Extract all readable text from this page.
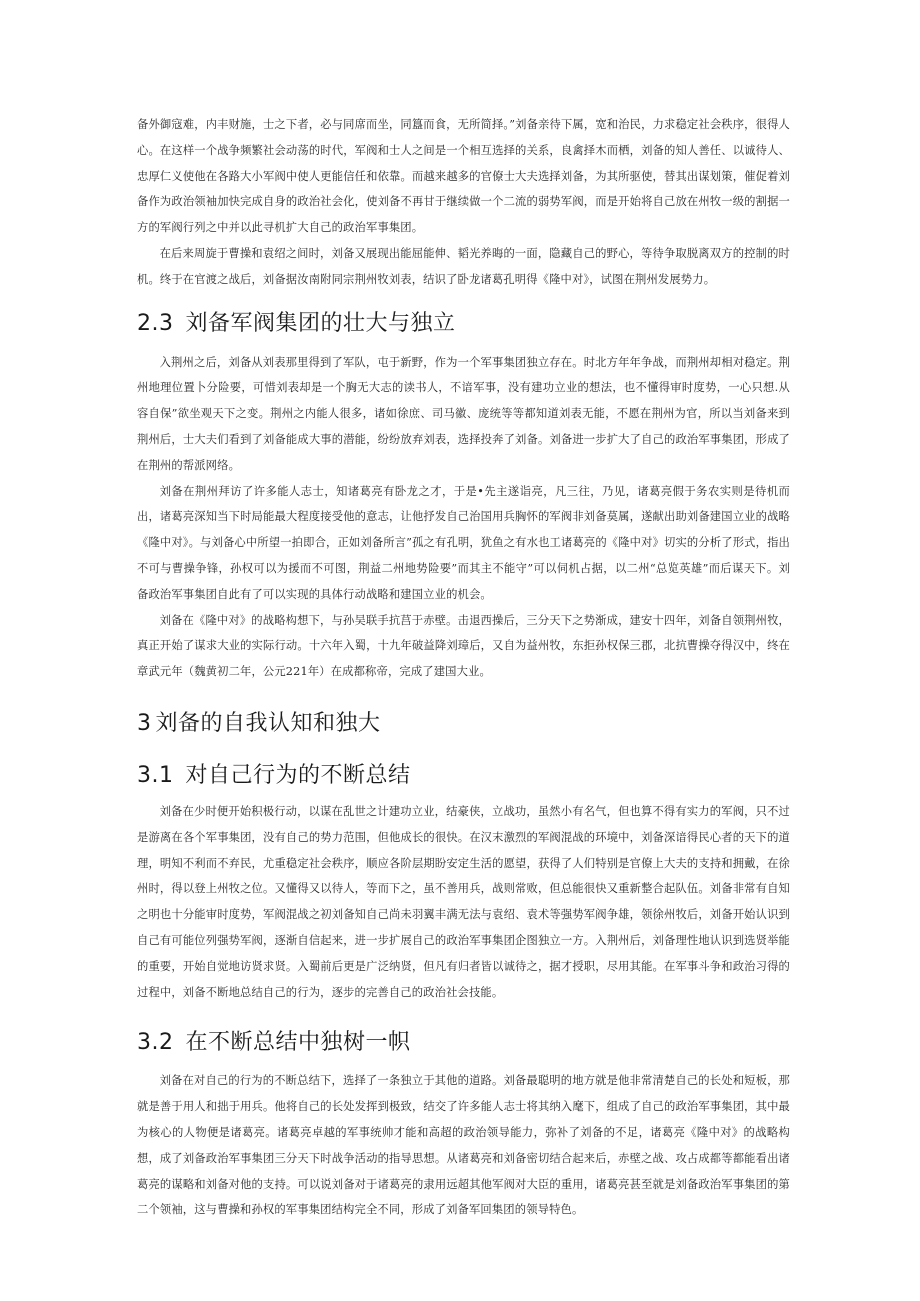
备外御寇难，内丰财施，士之下者，必与同席而坐，同簋而食，无所简择。”刘备亲待下属，宽和治民，力求稳定社会秩序，很得人心。在这样一个战争频繁社会动荡的时代，军阀和士人之间是一个相互选择的关系，良禽择木而栖，刘备的知人善任、以诚待人、忠厚仁义使他在各路大小军阀中使人更能信任和依靠。而越来越多的官僚士大夫选择刘备，为其所驱使，替其出谋划策，催促着刘备作为政治领袖加快完成自身的政治社会化，使刘备不再甘于继续做一个二流的弱势军阀，而是开始将自己放在州牧一级的割据一方的军阀行列之中并以此寻机扩大自己的政治军事集团。

在后来周旋于曹操和袁绍之间时，刘备又展现出能屈能伸、韬光养晦的一面，隐藏自己的野心，等待争取脱离双方的控制的时机。终于在官渡之战后，刘备据汝南附同宗荆州牧刘表，结识了卧龙诸葛孔明得《隆中对》，试图在荆州发展势力。

2.3 刘备军阀集团的壮大与独立

入荆州之后，刘备从刘表那里得到了军队，屯于新野，作为一个军事集团独立存在。时北方年年争战，而荆州却相对稳定。荆州地理位置卜分险要，可惜刘表却是一个胸无大志的读书人，不谙军事，没有建功立业的想法，也不懂得审时度势，一心只想.从容自保”欲坐观天下之变。荆州之内能人很多，诸如徐庶、司马徽、庞统等等都知道刘表无能，不愿在荆州为官，所以当刘备来到荆州后，士大夫们看到了刘备能成大事的潜能，纷纷放弃刘表，选择投奔了刘备。刘备进一步扩大了自己的政治军事集团，形成了在荆州的帮派网络。

刘备在荆州拜访了许多能人志士，知诸葛亮有卧龙之才，于是•先主遂诣亮，凡三往，乃见，诸葛亮假于务农实则是待机而出，诸葛亮深知当下时局能最大程度接受他的意志，让他抒发自己治国用兵胸怀的军阀非刘备莫属，遂献出助刘备建国立业的战略《隆中对》。与刘备心中所望一拍即合，正如刘备所言”孤之有孔明，犹鱼之有水也工诸葛亮的《隆中对》切实的分析了形式，指出不可与曹操争锋，孙权可以为援而不可图，荆益二州地势险要”而其主不能守”可以伺机占据，以二州“总览英雄”而后谋天下。刘备政治军事集团自此有了可以实现的具体行动战略和建国立业的机会。

刘备在《隆中对》的战略构想下，与孙吴联手抗莒于赤壁。击退西操后，三分天下之势渐成，建安十四年，刘备自领荆州牧，真正开始了谋求大业的实际行动。十六年入蜀，十九年破益降刘璋后，又自为益州牧，东拒孙权保三郡，北抗曹操夺得汉中，终在章武元年（魏黄初二年，公元221年）在成都称帝，完成了建国大业。

3 刘备的自我认知和独大
3.1 对自己行为的不断总结

刘备在少时便开始积极行动，以谋在乱世之计建功立业，结豪侠，立战功，虽然小有名气，但也算不得有实力的军阀，只不过是游离在各个军事集团，没有自己的势力范围，但他成长的很快。在汉末激烈的军阀混战的环境中，刘备深谙得民心者的天下的道理，明知不利而不弃民，尤重稳定社会秩序，顺应各阶层期盼安定生活的愿望，获得了人们特别是官僚上大夫的支持和拥戴，在徐州时，得以登上州牧之位。又懂得又以待人，等而下之，虽不善用兵，战则常败，但总能很快又重新整合起队伍。刘备非常有自知之明也十分能审时度势，军阀混战之初刘备知自己尚未羽翼丰满无法与袁绍、袁术等强势军阀争雄，领徐州牧后，刘备开始认识到自己有可能位列强势军阀，逐渐自信起来，进一步扩展自己的政治军事集团企图独立一方。入荆州后，刘备理性地认识到选贤举能的重要，开始自觉地访贤求贤。入蜀前后更是广泛纳贤，但凡有归者皆以诚待之，据才授职，尽用其能。在军事斗争和政治习得的过程中，刘备不断地总结自己的行为，逐步的完善自己的政治社会技能。

3.2 在不断总结中独树一帜

刘备在对自己的行为的不断总结下，选择了一条独立于其他的道路。刘备最聪明的地方就是他非常清楚自己的长处和短板，那就是善于用人和拙于用兵。他将自己的长处发挥到极致，结交了许多能人志士将其纳入麾下，组成了自己的政治军事集团，其中最为核心的人物便是诸葛亮。诸葛亮卓越的军事统帅才能和高超的政治领导能力，弥补了刘备的不足，诸葛亮《隆中对》的战略构想，成了刘备政治军事集团三分天下时战争活动的指导思想。从诸葛亮和刘备密切结合起来后，赤壁之战、攻占成都等都能看出诸葛亮的谋略和刘备对他的支持。可以说刘备对于诸葛亮的隶用远超其他军阀对大臣的重用，诸葛亮甚至就是刘备政治军事集团的第二个领袖，这与曹操和孙权的军事集团结构完全不同，形成了刘备军回集团的领导特色。
